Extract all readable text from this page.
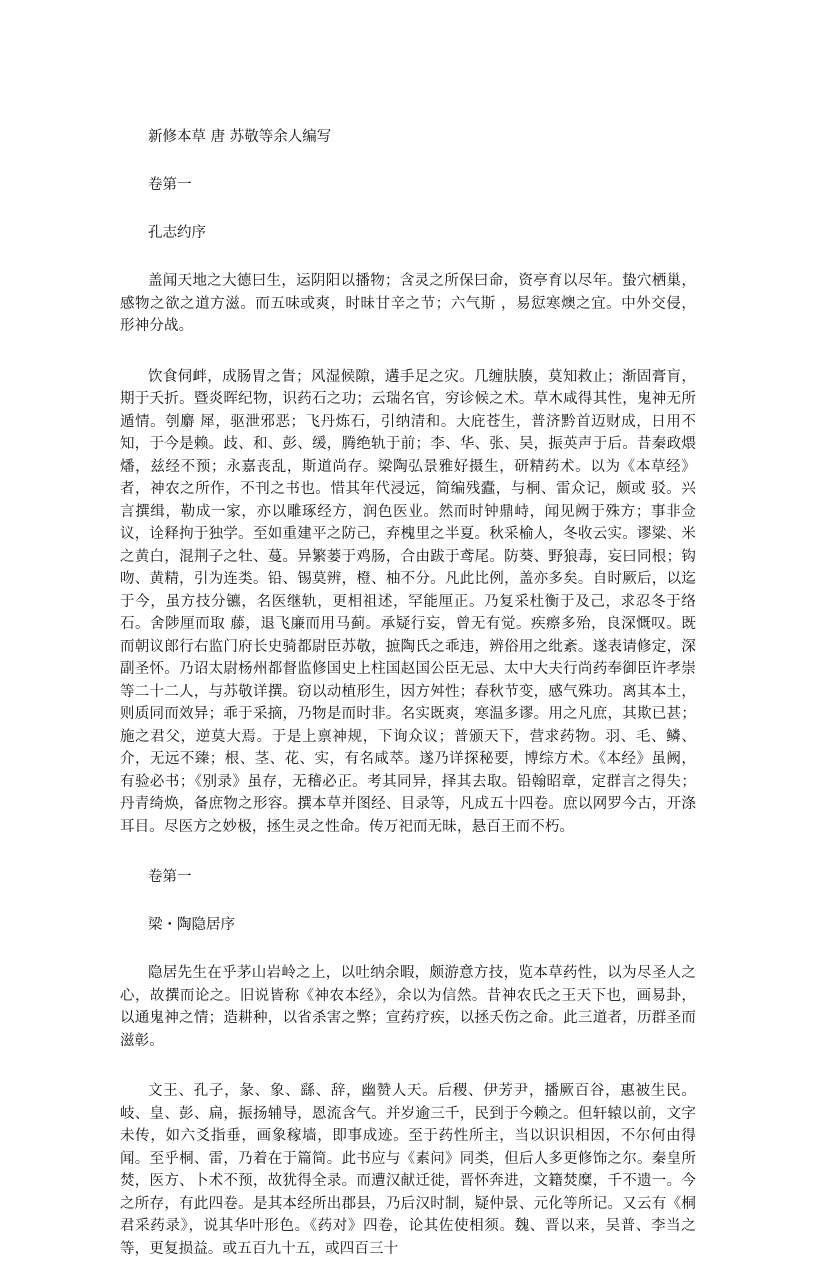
新修本草 唐 苏敬等余人编写

卷第一

孔志约序

盖闻天地之大德曰生，运阴阳以播物；含灵之所保曰命，资亭育以尽年。蛰穴栖巢，感物之欲之道方滋。而五味或爽，时昧甘辛之节；六气斯 ，易愆寒燠之宜。中外交侵，形神分战。

饮食伺衅，成肠胃之眚；风湿候隙，遘手足之灾。几缠肤腠，莫知救止；渐固膏肓，期于夭折。暨炎晖纪物，识药石之功；云瑞名官，穷诊候之术。草木咸得其性，鬼神无所遁情。刳麝 犀，驱泄邪恶；飞丹炼石，引纳清和。大庇苍生，普济黔首迈财成，日用不知，于今是赖。歧、和、彭、缓，腾绝轨于前；李、华、张、吴，振英声于后。昔秦政煨燔，兹经不预；永嘉丧乱，斯道尚存。梁陶弘景雅好摄生，研精药术。以为《本草经》者，神农之所作，不刊之书也。惜其年代浸远，简编残蠹，与桐、雷众记，颇或 驳。兴言撰缉，勒成一家，亦以雕琢经方，润色医业。然而时钟鼎峙，闻见阙于殊方；事非佥议，诠释拘于独学。至如重建平之防己，弃槐里之半夏。秋采榆人，冬收云实。谬粱、米之黄白，混荆子之牡、蔓。异繁蒌于鸡肠，合由跋于鸢尾。防葵、野狼毒，妄曰同根；钩吻、黄精，引为连类。铅、锡莫辨，橙、柚不分。凡此比例，盖亦多矣。自时厥后，以迄于今，虽方技分镳，名医继轨，更相祖述，罕能厘正。乃复采杜衡于及己，求忍冬于络石。舍陟厘而取 藤，退飞廉而用马蓟。承疑行妄，曾无有觉。疾瘵多殆，良深慨叹。既而朝议郎行右监门府长史骑都尉臣苏敬，摭陶氏之乖违，辨俗用之纰紊。遂表请修定，深副圣怀。乃诏太尉杨州都督监修国史上柱国赵国公臣无忌、太中大夫行尚药奉御臣许孝崇等二十二人，与苏敬详撰。窃以动植形生，因方舛性；春秋节变，感气殊功。离其本土，则质同而效异；乖于采摘，乃物是而时非。名实既爽，寒温多谬。用之凡庶，其欺已甚；施之君父，逆莫大焉。于是上禀神规，下询众议；普颁天下，营求药物。羽、毛、鳞、介，无远不臻；根、茎、花、实，有名咸萃。遂乃详探秘要，博综方术。《本经》虽阙，有验必书；《别录》虽存，无稽必正。考其同异，择其去取。铅翰昭章，定群言之得失；丹青绮焕，备庶物之形容。撰本草并图经、目录等，凡成五十四卷。庶以网罗今古，开涤耳目。尽医方之妙极，拯生灵之性命。传万祀而无昧，悬百王而不朽。

卷第一

梁・陶隐居序

隐居先生在乎茅山岩岭之上，以吐纳余暇，颇游意方技，览本草药性，以为尽圣人之心，故撰而论之。旧说皆称《神农本经》，余以为信然。昔神农氏之王天下也，画易卦，以通鬼神之情；造耕种，以省杀害之弊；宣药疗疾，以拯夭伤之命。此三道者，历群圣而滋彰。

文王、孔子，彖、象、繇、辞，幽赞人天。后稷、伊芳尹，播厥百谷，惠被生民。岐、皇、彭、扁，振扬辅导，恩流含气。并岁逾三千，民到于今赖之。但轩辕以前，文字未传，如六爻指垂，画象稼墙，即事成迹。至于药性所主，当以识识相因，不尔何由得闻。至乎桐、雷，乃着在于篇简。此书应与《素问》同类，但后人多更修饰之尔。秦皇所焚，医方、卜术不预，故犹得全录。而遭汉献迁徙，晋怀奔进，文籍焚糜，千不遗一。今之所存，有此四卷。是其本经所出郡县，乃后汉时制，疑仲景、元化等所记。又云有《桐君采药录》，说其华叶形色。《药对》四卷，论其佐使相须。魏、晋以来，吴普、李当之等，更复损益。或五百九十五，或四百三十
